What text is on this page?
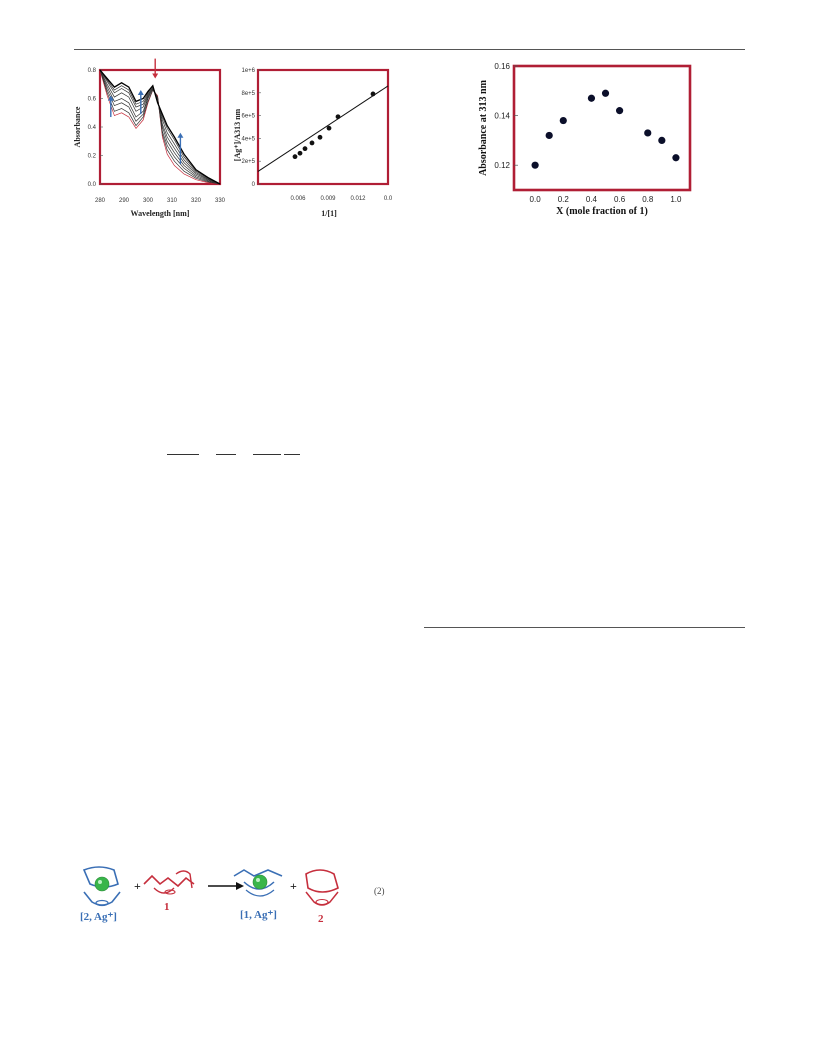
0.0
0.2
0.4
0.6
0.8
280 290 300 310 320 330
Wavelength [nm]
Absorbance
0
2e+5
4e+5
6e+5
8e+5
1e+6
0.006 0.009 0.012	0.0
1/[1]
[Ag⁺]/A313 nm
0.12
0.14
0.16
0.0 0.2 0.4 0.6 0.8 1.0
X (mole fraction of 1)
Absorbance at 313 nm
+	+
[2, Ag⁺]
1
[1, Ag⁺]	2
(2)
